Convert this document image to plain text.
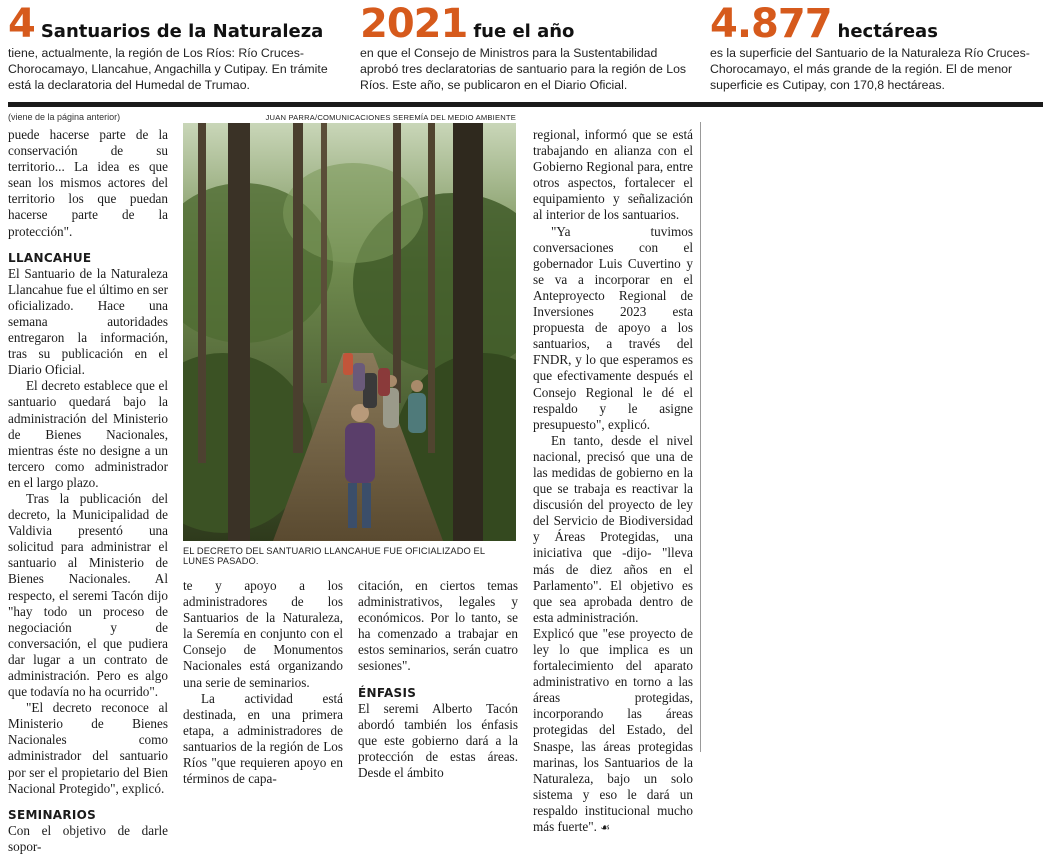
4 Santuarios de la Naturaleza
tiene, actualmente, la región de Los Ríos: Río Cruces- Chorocamayo, Llancahue, Angachilla y Cutipay. En trámite está la declaratoria del Humedal de Trumao.
2021 fue el año
en que el Consejo de Ministros para la Sustentabilidad aprobó tres declaratorias de santuario para la región de Los Ríos. Este año, se publicaron en el Diario Oficial.
4.877 hectáreas
es la superficie del Santuario de la Naturaleza Río Cruces-Chorocamayo, el más grande de la región. El de menor superficie es Cutipay, con 170,8 hectáreas.
(viene de la página anterior)

puede hacerse parte de la conservación de su territorio... La idea es que sean los mismos actores del territorio los que puedan hacerse parte de la protección".

LLANCAHUE

El Santuario de la Naturaleza Llancahue fue el último en ser oficializado. Hace una semana autoridades entregaron la información, tras su publicación en el Diario Oficial.

El decreto establece que el santuario quedará bajo la administración del Ministerio de Bienes Nacionales, mientras éste no designe a un tercero como administrador en el largo plazo.

Tras la publicación del decreto, la Municipalidad de Valdivia presentó una solicitud para administrar el santuario al Ministerio de Bienes Nacionales. Al respecto, el seremi Tacón dijo "hay todo un proceso de negociación y de conversación, el que pudiera dar lugar a un contrato de administración. Pero es algo que todavía no ha ocurrido".

"El decreto reconoce al Ministerio de Bienes Nacionales como administrador del santuario por ser el propietario del Bien Nacional Protegido", explicó.

SEMINARIOS

Con el objetivo de darle sopor-

JUAN PARRA/COMUNICACIONES SEREMÍA DEL MEDIO AMBIENTE
EL DECRETO DEL SANTUARIO LLANCAHUE FUE OFICIALIZADO EL LUNES PASADO.

te y apoyo a los administradores de los Santuarios de la Naturaleza, la Seremía en conjunto con el Consejo de Monumentos Nacionales está organizando una serie de seminarios.

La actividad está destinada, en una primera etapa, a administradores de santuarios de la región de Los Ríos "que requieren apoyo en términos de capa-

citación, en ciertos temas administrativos, legales y económicos. Por lo tanto, se ha comenzado a trabajar en estos seminarios, serán cuatro sesiones".

ÉNFASIS

El seremi Alberto Tacón abordó también los énfasis que este gobierno dará a la protección de estas áreas. Desde el ámbito

regional, informó que se está trabajando en alianza con el Gobierno Regional para, entre otros aspectos, fortalecer el equipamiento y señalización al interior de los santuarios.

"Ya tuvimos conversaciones con el gobernador Luis Cuvertino y se va a incorporar en el Anteproyecto Regional de Inversiones 2023 esta propuesta de apoyo a los santuarios, a través del FNDR, y lo que esperamos es que efectivamente después el Consejo Regional le dé el respaldo y le asigne presupuesto", explicó.

En tanto, desde el nivel nacional, precisó que una de las medidas de gobierno en la que se trabaja es reactivar la discusión del proyecto de ley del Servicio de Biodiversidad y Áreas Protegidas, una iniciativa que -dijo- "lleva más de diez años en el Parlamento". El objetivo es que sea aprobada dentro de esta administración.

Explicó que "ese proyecto de ley lo que implica es un fortalecimiento del aparato administrativo en torno a las áreas protegidas, incorporando las áreas protegidas del Estado, del Snaspe, las áreas protegidas marinas, los Santuarios de la Naturaleza, bajo un solo sistema y eso le dará un respaldo institucional mucho más fuerte". ☙
